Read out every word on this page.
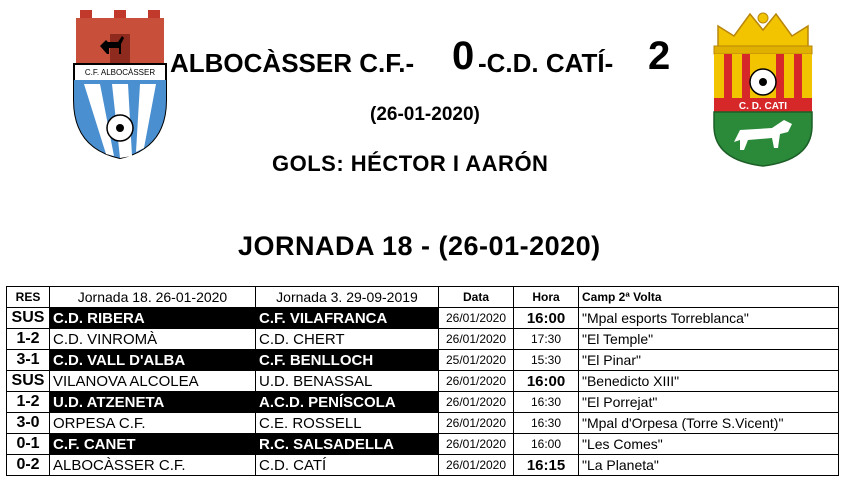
C.F. ALBOCÀSSER
C. D. CATI
ALBOCÀSSER C.F.- 0 -C.D. CATÍ- 2
(26-01-2020)
GOLS: HÉCTOR I AARÓN
JORNADA 18 - (26-01-2020)
RES	Jornada 18. 26-01-2020	Jornada 3. 29-09-2019	Data	Hora	Camp 2ª Volta
SUS	C.D. RIBERA	C.F. VILAFRANCA	26/01/2020	16:00	"Mpal esports Torreblanca"
1-2	C.D. VINROMÀ	C.D. CHERT	26/01/2020	17:30	"El Temple"
3-1	C.D. VALL D'ALBA	C.F. BENLLOCH	25/01/2020	15:30	"El Pinar"
SUS	VILANOVA ALCOLEA	U.D. BENASSAL	26/01/2020	16:00	"Benedicto XIII"
1-2	U.D. ATZENETA	A.C.D. PENÍSCOLA	26/01/2020	16:30	"El Porrejat"
3-0	ORPESA C.F.	C.E. ROSSELL	26/01/2020	16:30	"Mpal d'Orpesa (Torre S.Vicent)"
0-1	C.F. CANET	R.C. SALSADELLA	26/01/2020	16:00	"Les Comes"
0-2	ALBOCÀSSER C.F.	C.D. CATÍ	26/01/2020	16:15	"La Planeta"
